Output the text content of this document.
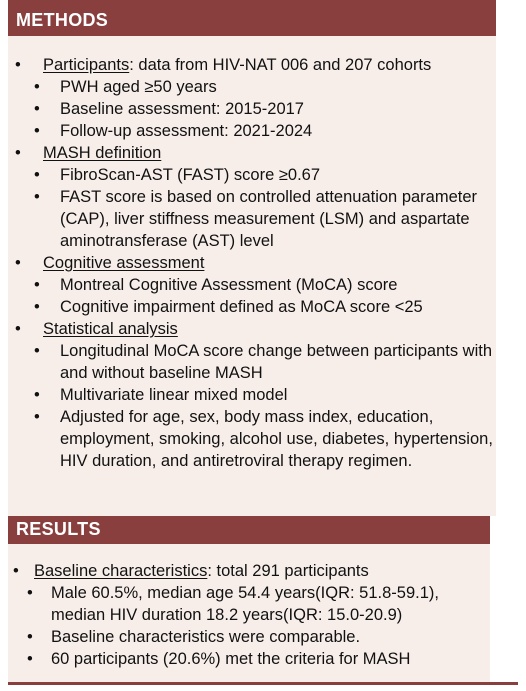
METHODS
• Participants: data from HIV-NAT 006 and 207 cohorts
• PWH aged ≥50 years
• Baseline assessment: 2015-2017
• Follow-up assessment: 2021-2024
• MASH definition
• FibroScan-AST (FAST) score ≥0.67
• FAST score is based on controlled attenuation parameter (CAP), liver stiffness measurement (LSM) and aspartate aminotransferase (AST) level
• Cognitive assessment
• Montreal Cognitive Assessment (MoCA) score
• Cognitive impairment defined as MoCA score <25
• Statistical analysis
• Longitudinal MoCA score change between participants with and without baseline MASH
• Multivariate linear mixed model
• Adjusted for age, sex, body mass index, education, employment, smoking, alcohol use, diabetes, hypertension, HIV duration, and antiretroviral therapy regimen.
RESULTS
• Baseline characteristics: total 291 participants
• Male 60.5%, median age 54.4 years(IQR: 51.8-59.1), median HIV duration 18.2 years(IQR: 15.0-20.9)
• Baseline characteristics were comparable.
• 60 participants (20.6%) met the criteria for MASH
